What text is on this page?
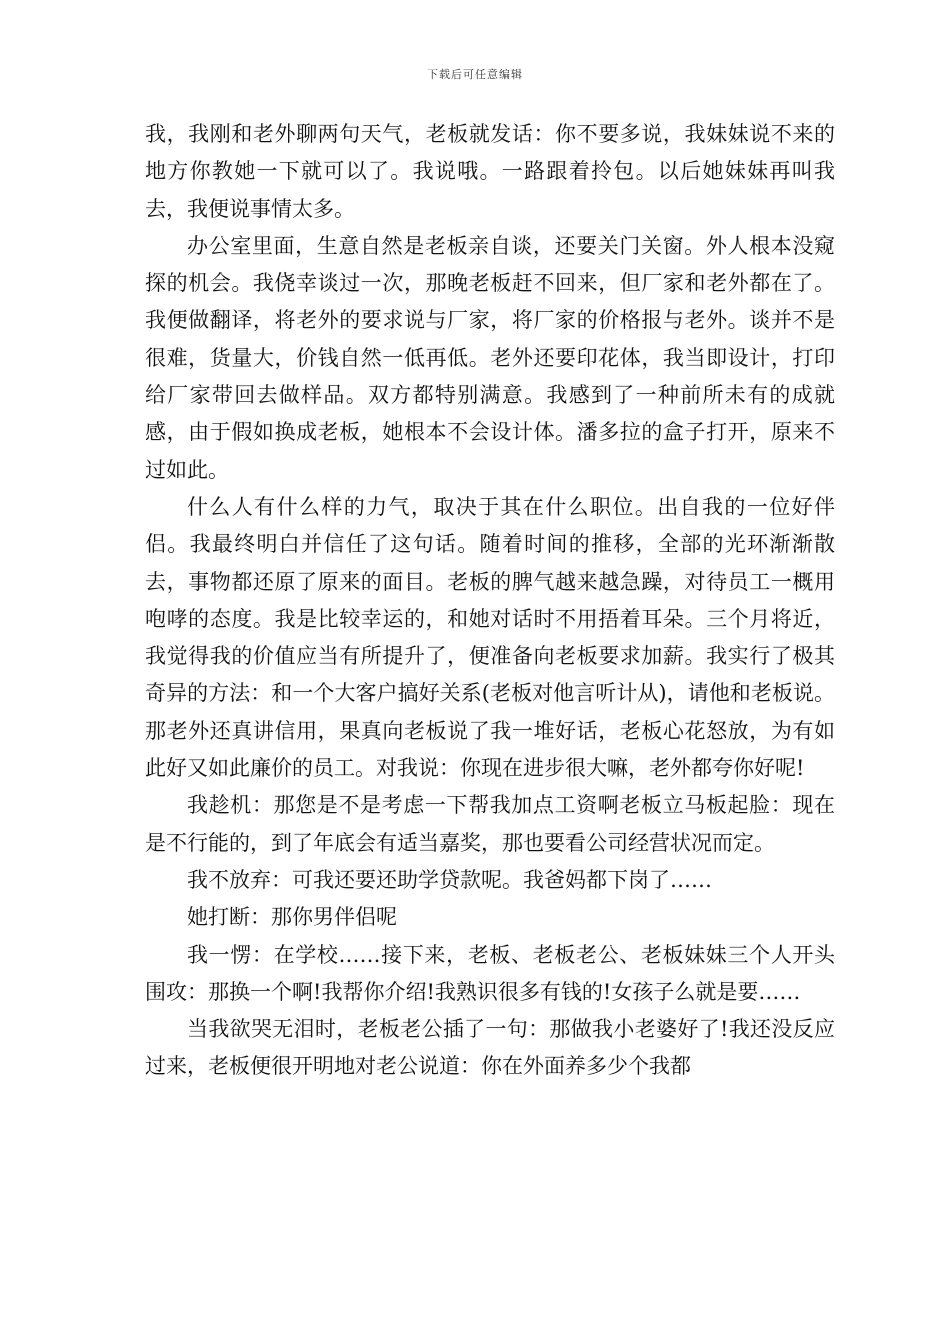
下载后可任意编辑

我，我刚和老外聊两句天气，老板就发话：你不要多说，我妹妹说不来的地方你教她一下就可以了。我说哦。一路跟着拎包。以后她妹妹再叫我去，我便说事情太多。

办公室里面，生意自然是老板亲自谈，还要关门关窗。外人根本没窥探的机会。我侥幸谈过一次，那晚老板赶不回来，但厂家和老外都在了。我便做翻译，将老外的要求说与厂家，将厂家的价格报与老外。谈并不是很难，货量大，价钱自然一低再低。老外还要印花体，我当即设计，打印给厂家带回去做样品。双方都特别满意。我感到了一种前所未有的成就感，由于假如换成老板，她根本不会设计体。潘多拉的盒子打开，原来不过如此。

什么人有什么样的力气，取决于其在什么职位。出自我的一位好伴侣。我最终明白并信任了这句话。随着时间的推移，全部的光环渐渐散去，事物都还原了原来的面目。老板的脾气越来越急躁，对待员工一概用咆哮的态度。我是比较幸运的，和她对话时不用捂着耳朵。三个月将近，我觉得我的价值应当有所提升了，便准备向老板要求加薪。我实行了极其奇异的方法：和一个大客户搞好关系(老板对他言听计从)，请他和老板说。那老外还真讲信用，果真向老板说了我一堆好话，老板心花怒放，为有如此好又如此廉价的员工。对我说：你现在进步很大嘛，老外都夸你好呢!

我趁机：那您是不是考虑一下帮我加点工资啊老板立马板起脸：现在是不行能的，到了年底会有适当嘉奖，那也要看公司经营状况而定。

我不放弃：可我还要还助学贷款呢。我爸妈都下岗了……

她打断：那你男伴侣呢

我一愣：在学校……接下来，老板、老板老公、老板妹妹三个人开头围攻：那换一个啊!我帮你介绍!我熟识很多有钱的!女孩子么就是要……

当我欲哭无泪时，老板老公插了一句：那做我小老婆好了!我还没反应过来，老板便很开明地对老公说道：你在外面养多少个我都
